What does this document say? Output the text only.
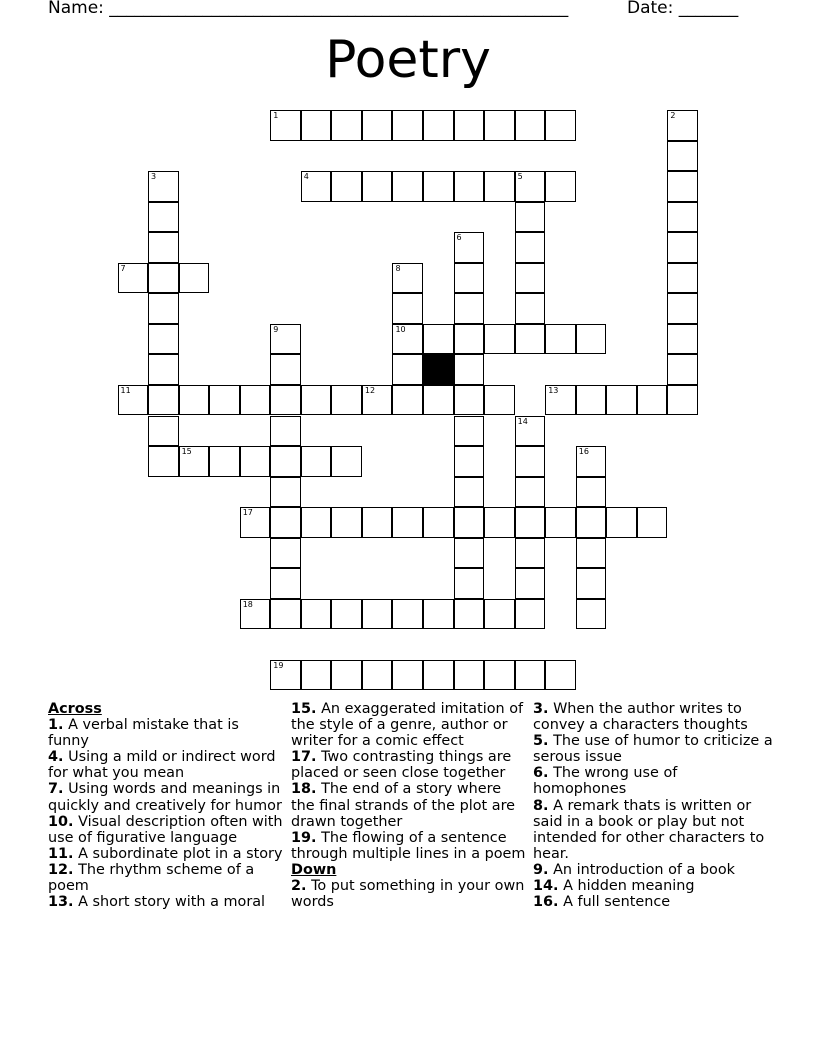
Name: ______________________________________________________	Date: _______
Poetry
1	2
3	4	5
6
7	8
10
9
11	12	13
14
15	16
17
18
19
Across

1. A verbal mistake that is funny

4. Using a mild or indirect word for what you mean

7. Using words and meanings in quickly and creatively for humor

10. Visual description often with use of figurative language

11. A subordinate plot in a story

12. The rhythm scheme of a poem

13. A short story with a moral

15. An exaggerated imitation of the style of a genre, author or writer for a comic effect

17. Two contrasting things are placed or seen close together

18. The end of a story where the final strands of the plot are drawn together

19. The flowing of a sentence through multiple lines in a poem

Down

2. To put something in your own words

3. When the author writes to convey a characters thoughts

5. The use of humor to criticize a serous issue

6. The wrong use of homophones

8. A remark thats is written or said in a book or play but not intended for other characters to hear.

9. An introduction of a book

14. A hidden meaning

16. A full sentence
